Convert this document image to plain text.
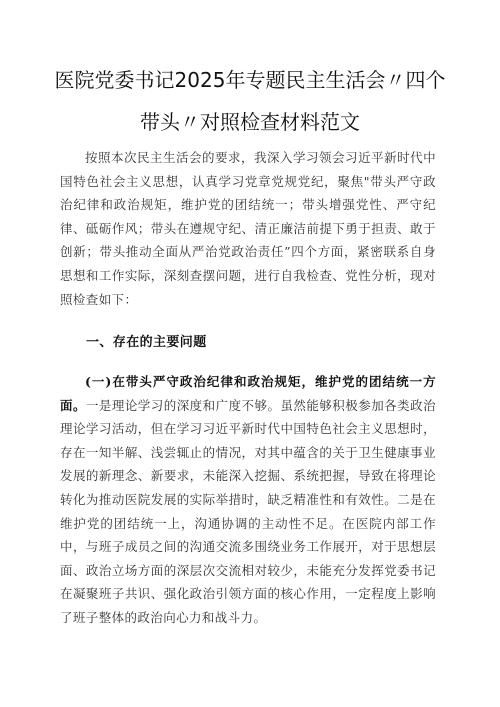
医院党委书记2025年专题民主生活会〃四个
带头〃对照检查材料范文
按照本次民主生活会的要求，我深入学习领会习近平新时代中国特色社会主义思想，认真学习党章党规党纪，聚焦"带头严守政治纪律和政治规矩，维护党的团结统一；带头增强党性、严守纪律、砥砺作风；带头在遵规守纪、清正廉洁前提下勇于担责、敢于创新；带头推动全面从严治党政治责任”四个方面，紧密联系自身思想和工作实际，深刻查摆问题，进行自我检查、党性分析，现对照检查如下：
一、存在的主要问题
(一)在带头严守政治纪律和政治规矩，维护党的团结统一方面。一是理论学习的深度和广度不够。虽然能够积极参加各类政治理论学习活动，但在学习习近平新时代中国特色社会主义思想时，存在一知半解、浅尝辄止的情况，对其中蕴含的关于卫生健康事业发展的新理念、新要求，未能深入挖掘、系统把握，导致在将理论转化为推动医院发展的实际举措时，缺乏精准性和有效性。二是在维护党的团结统一上，沟通协调的主动性不足。在医院内部工作中，与班子成员之间的沟通交流多围绕业务工作展开，对于思想层面、政治立场方面的深层次交流相对较少，未能充分发挥党委书记在凝聚班子共识、强化政治引领方面的核心作用，一定程度上影响了班子整体的政治向心力和战斗力。
